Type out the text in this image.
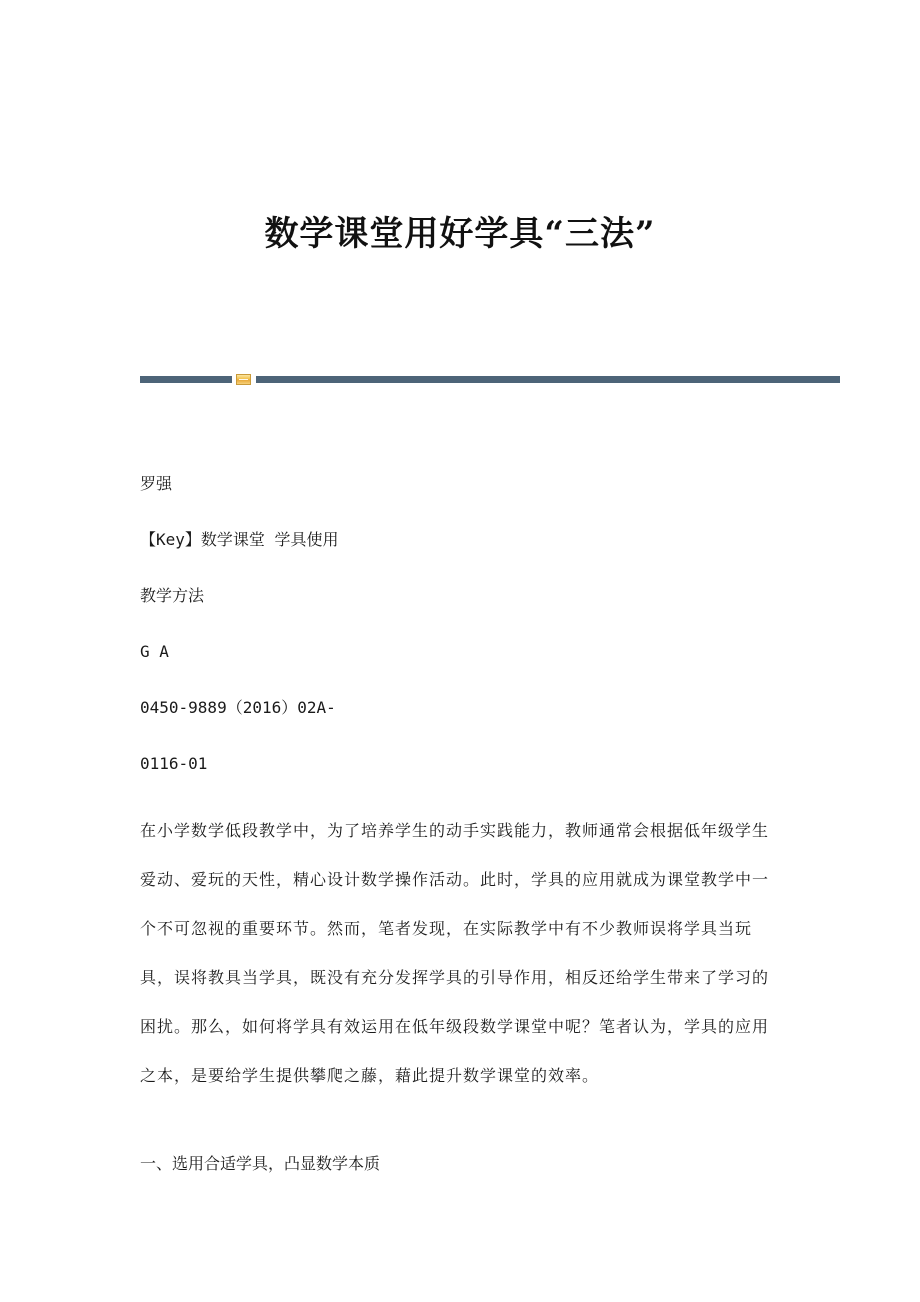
数学课堂用好学具“三法”
罗强
【Key】数学课堂 学具使用
教学方法
G A
0450-9889（2016）02A-
0116-01

在小学数学低段教学中，为了培养学生的动手实践能力，教师通常会根据低年级学生爱动、爱玩的天性，精心设计数学操作活动。此时，学具的应用就成为课堂教学中一个不可忽视的重要环节。然而，笔者发现，在实际教学中有不少教师误将学具当玩具，误将教具当学具，既没有充分发挥学具的引导作用，相反还给学生带来了学习的困扰。那么，如何将学具有效运用在低年级段数学课堂中呢？笔者认为，学具的应用之本，是要给学生提供攀爬之藤，藉此提升数学课堂的效率。

一、选用合适学具，凸显数学本质
